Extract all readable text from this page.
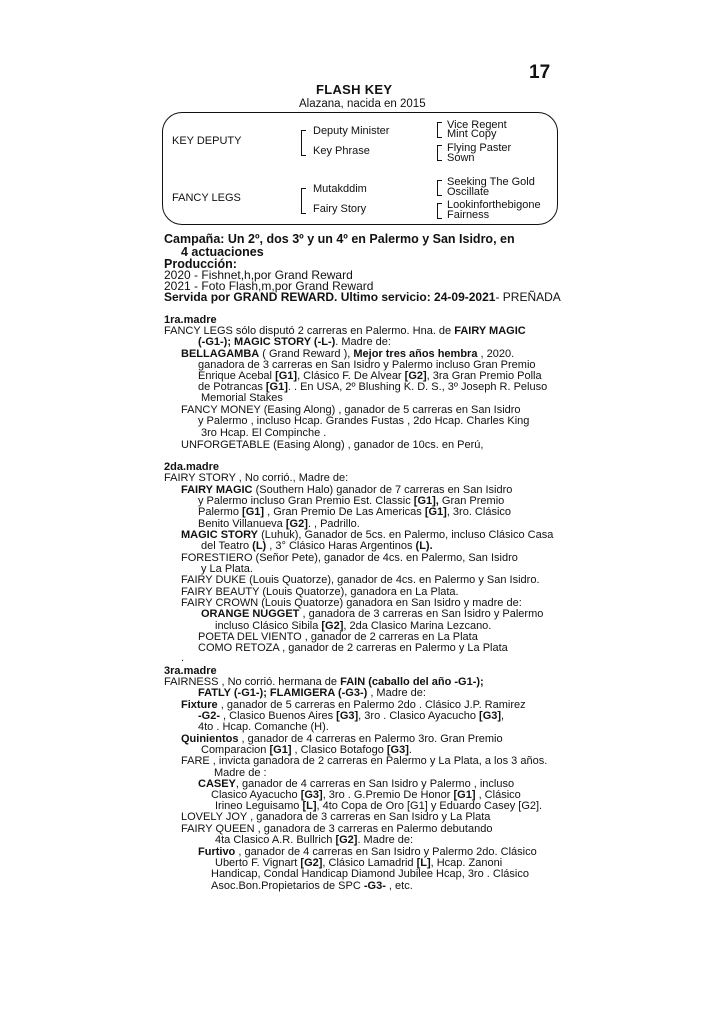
17
FLASH KEY
Alazana, nacida en 2015
KEY DEPUTY
FANCY LEGS
Deputy Minister
Key Phrase
Mutakddim
Fairy Story
Vice Regent
Mint Copy
Flying Paster
Sown
Seeking The Gold
Oscillate
Lookinforthebigone
Fairness
Campaña: Un 2º, dos 3º y un 4º en Palermo y San Isidro, en
4 actuaciones
Producción:
2020 - Fishnet,h,por Grand Reward
2021 - Foto Flash,m,por Grand Reward
Servida por GRAND REWARD. Ultimo servicio: 24-09-2021- PREÑADA
1ra.madre
FANCY LEGS sólo disputó 2 carreras en Palermo. Hna. de FAIRY MAGIC
(-G1-); MAGIC STORY (-L-). Madre de:
BELLAGAMBA ( Grand Reward ), Mejor tres años hembra , 2020.
ganadora de 3 carreras en San Isidro y Palermo incluso Gran Premio
Enrique Acebal [G1], Clásico F. De Alvear [G2], 3ra Gran Premio Polla
de Potrancas [G1]. . En USA, 2º Blushing K. D. S., 3º Joseph R. Peluso
Memorial Stakes
FANCY MONEY (Easing Along) , ganador de 5 carreras en San Isidro
y Palermo , incluso Hcap. Grandes Fustas , 2do Hcap. Charles King
3ro Hcap. El Compinche .
UNFORGETABLE (Easing Along) , ganador de 10cs. en Perú,
2da.madre
FAIRY STORY , No corrió., Madre de:
FAIRY MAGIC (Southern Halo) ganador de 7 carreras en San Isidro
y Palermo incluso Gran Premio Est. Classic [G1], Gran Premio
Palermo [G1] , Gran Premio De Las Americas [G1], 3ro. Clásico
Benito Villanueva [G2]. , Padrillo.
MAGIC STORY (Luhuk), Ganador de 5cs. en Palermo, incluso Clásico Casa
del Teatro (L) , 3° Clásico Haras Argentinos (L).
FORESTIERO (Señor Pete), ganador de 4cs. en Palermo, San Isidro
y La Plata.
FAIRY DUKE (Louis Quatorze), ganador de 4cs. en Palermo y San Isidro.
FAIRY BEAUTY (Louis Quatorze), ganadora en La Plata.
FAIRY CROWN (Louis Quatorze) ganadora en San Isidro y madre de:
ORANGE NUGGET , ganadora de 3 carreras en San Isidro y Palermo
incluso Clásico Sibila [G2], 2da Clasico Marina Lezcano.
POETA DEL VIENTO , ganador de 2 carreras en La Plata
COMO RETOZA , ganador de 2 carreras en Palermo y La Plata
.
3ra.madre
FAIRNESS , No corrió. hermana de FAIN (caballo del año -G1-);
FATLY (-G1-); FLAMIGERA (-G3-) , Madre de:
Fixture , ganador de 5 carreras en Palermo 2do . Clásico J.P. Ramirez
-G2- , Clasico Buenos Aires [G3], 3ro . Clasico Ayacucho [G3],
4to . Hcap. Comanche (H).
Quinientos , ganador de 4 carreras en Palermo 3ro. Gran Premio
Comparacion [G1] , Clasico Botafogo [G3].
FARE , invicta ganadora de 2 carreras en Palermo y La Plata, a los 3 años.
Madre de :
CASEY, ganador de 4 carreras en San Isidro y Palermo , incluso
Clasico Ayacucho [G3], 3ro . G.Premio De Honor [G1] , Clásico
Irineo Leguisamo [L], 4to Copa de Oro [G1] y Eduardo Casey [G2].
LOVELY JOY , ganadora de 3 carreras en San Isidro y La Plata
FAIRY QUEEN , ganadora de 3 carreras en Palermo debutando
4ta Clasico A.R. Bullrich [G2]. Madre de:
Furtivo , ganador de 4 carreras en San Isidro y Palermo 2do. Clásico
Uberto F. Vignart [G2], Clásico Lamadrid [L], Hcap. Zanoni
Handicap, Condal Handicap Diamond Jubilee Hcap, 3ro . Clásico
Asoc.Bon.Propietarios de SPC -G3- , etc.
